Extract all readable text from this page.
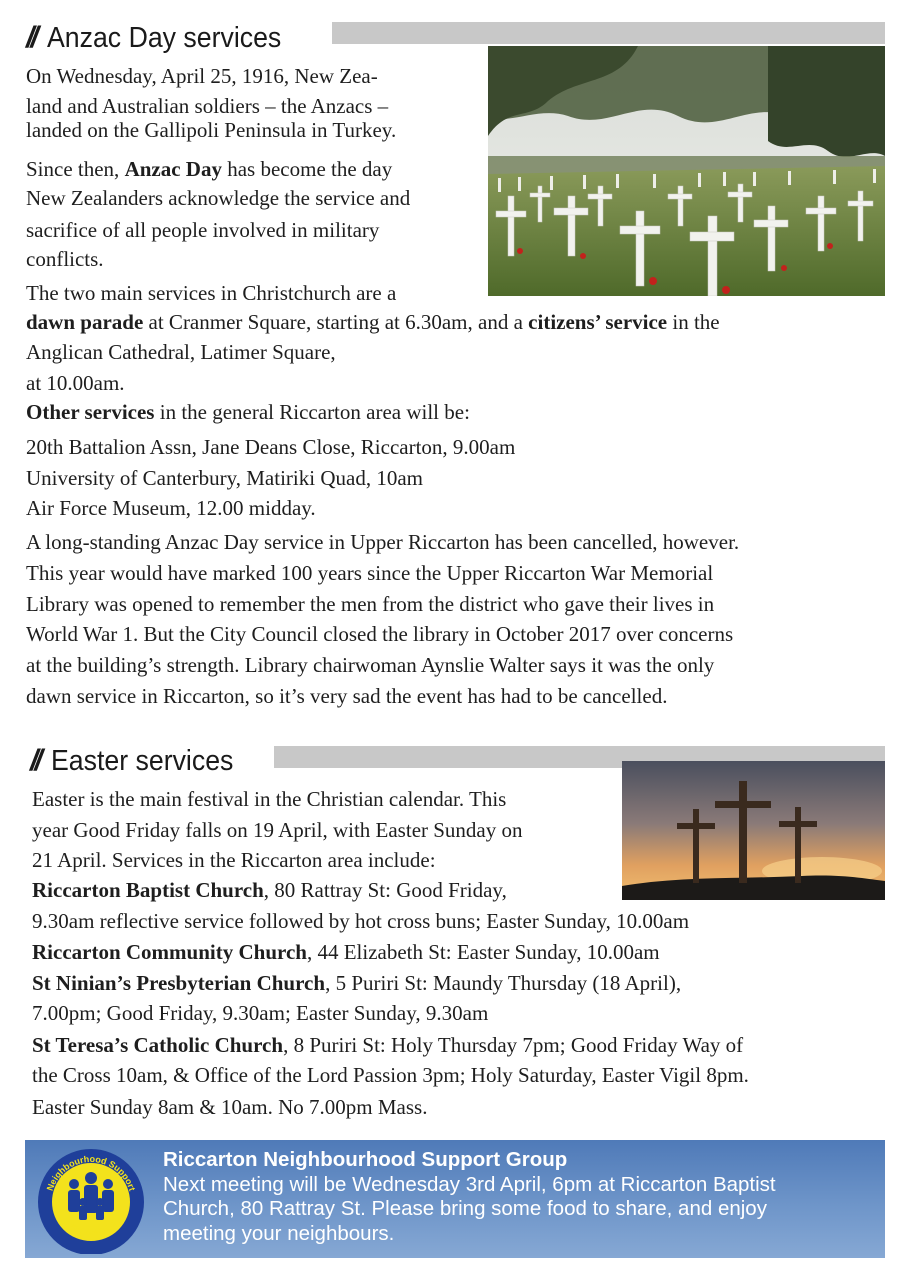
// Anzac Day services
On Wednesday, April 25, 1916, New Zea-
land and Australian soldiers – the Anzacs –
landed on the Gallipoli Peninsula in Turkey.
Since then, Anzac Day has become the day
New Zealanders acknowledge the service and
sacrifice of all people involved in military
conflicts.
The two main services in Christchurch are a
dawn parade at Cranmer Square, starting at 6.30am, and a citizens’ service in the
Anglican Cathedral, Latimer Square,
at 10.00am.
Other services in the general Riccarton area will be:
20th Battalion Assn, Jane Deans Close, Riccarton, 9.00am
University of Canterbury, Matiriki Quad, 10am
Air Force Museum, 12.00 midday.
A long-standing Anzac Day service in Upper Riccarton has been cancelled, however.
This year would have marked 100 years since the Upper Riccarton War Memorial
Library was opened to remember the men from the district who gave their lives in
World War 1. But the City Council closed the library in October 2017 over concerns
at the building’s strength. Library chairwoman Aynslie Walter says it was the only
dawn service in Riccarton, so it’s very sad the event has had to be cancelled.
// Easter services
Easter is the main festival in the Christian calendar. This
year Good Friday falls on 19 April, with Easter Sunday on
21 April. Services in the Riccarton area include:
Riccarton Baptist Church, 80 Rattray St: Good Friday,
9.30am reflective service followed by hot cross buns; Easter Sunday, 10.00am
Riccarton Community Church, 44 Elizabeth St: Easter Sunday, 10.00am
St Ninian’s Presbyterian Church, 5 Puriri St: Maundy Thursday (18 April),
7.00pm; Good Friday, 9.30am; Easter Sunday, 9.30am
St Teresa’s Catholic Church, 8 Puriri St: Holy Thursday 7pm; Good Friday Way of
the Cross 10am, & Office of the Lord Passion 3pm; Holy Saturday, Easter Vigil 8pm.
Easter Sunday 8am & 10am. No 7.00pm Mass.
Neighbourhood Support
New Zealand
Riccarton Neighbourhood Support Group
Next meeting will be Wednesday 3rd April, 6pm at Riccarton Baptist
Church, 80 Rattray St. Please bring some food to share, and enjoy
meeting your neighbours.
